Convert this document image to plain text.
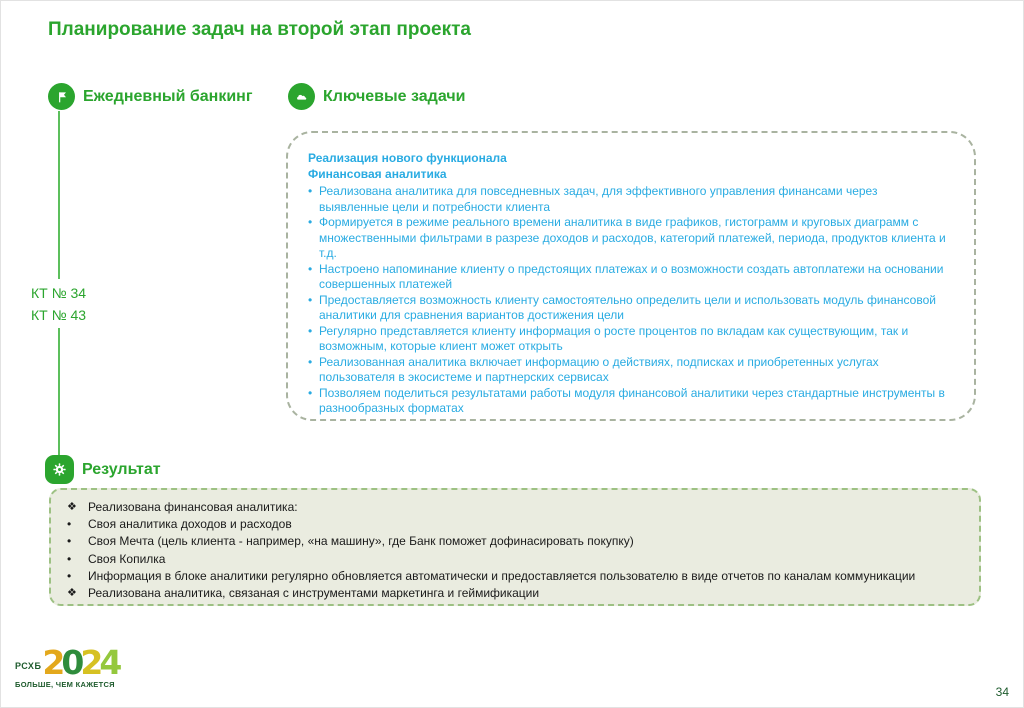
Планирование задач на второй этап проекта
Ежедневный банкинг	Ключевые задачи
КТ № 34
КТ № 43
Реализация нового функционала
Финансовая аналитика
• Реализована аналитика для повседневных задач, для эффективного управления финансами через выявленные цели и потребности клиента
• Формируется в режиме реального времени аналитика в виде графиков, гистограмм и круговых диаграмм с множественными фильтрами в разрезе доходов и расходов, категорий платежей, периода, продуктов клиента и т.д.
• Настроено напоминание клиенту о предстоящих платежах и о возможности создать автоплатежи на основании совершенных платежей
• Предоставляется возможность клиенту самостоятельно определить цели и использовать модуль финансовой аналитики для сравнения вариантов достижения цели
• Регулярно представляется клиенту информация о росте процентов по вкладам как существующим, так и возможным, которые клиент может открыть
• Реализованная аналитика включает информацию о действиях, подписках и приобретенных услугах пользователя в экосистеме и партнерских сервисах
• Позволяем поделиться результатами работы модуля финансовой аналитики через стандартные инструменты в разнообразных форматах
Результат
❖ Реализована финансовая аналитика:
•	Своя аналитика доходов и расходов
•	Своя Мечта (цель клиента - например, «на машину», где Банк поможет дофинасировать покупку)
•	Своя Копилка
•	Информация в блоке аналитики регулярно обновляется автоматически и предоставляется пользователю в виде отчетов по каналам коммуникации
❖ Реализована аналитика, связаная с инструментами маркетинга и геймификации
РСХБ 2024
БОЛЬШЕ, ЧЕМ КАЖЕТСЯ
34
